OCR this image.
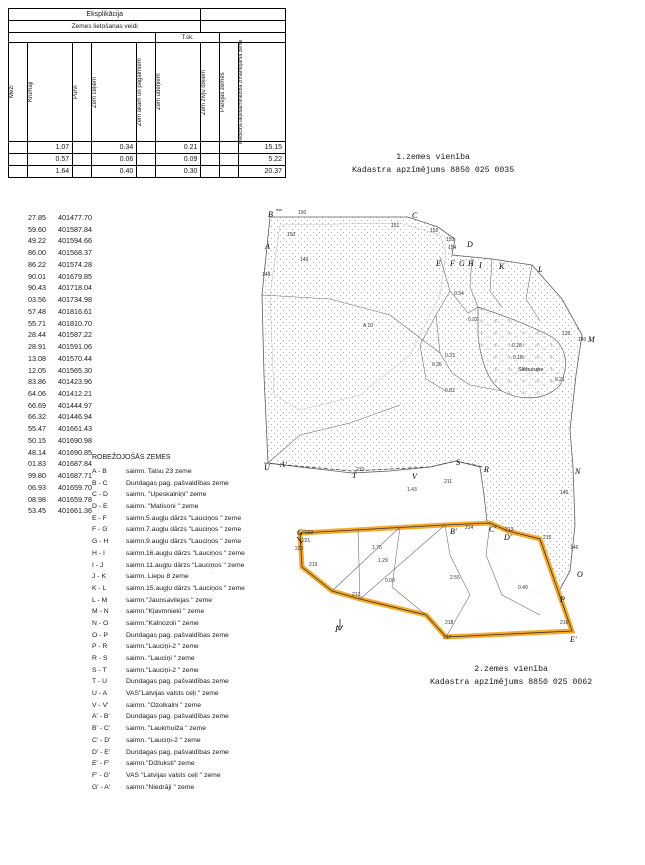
Eksplikācija								
Zemes lietošanas veidi								
					T.sk.			

Meži	Krūmāji	Purvi	Zem ceļiem	Zem ākām un pagalmiem	Zem ūdeņiem	Zem zivju dīķiem	Pārējās zemes	Mediciņā lauksaimniecībā izmantojamā zeme

	1.07		0.34		0.21			15.15
	0.57		0.06		0.09			5.22
	1.64		0.40		0.30			20.37
27.85 401477.70
59.60 401587.84
49.22 401594.66
86.00 401568.37
86.22 401574.28
90.01 401679.85
90.43 401718.04
03.56 401734.98
57.48 401816.61
55.71 401810.70
28.44 401587.22
28.91 401591.06
13.08 401570.44
12.05 401565.30
83.86 401423.96
64.06 401412.21
66.69 401444.97
66.32 401446.94
55.47 401661.43
50.15 401690.98
48.14 401690.85
01.83 401687.84
99.80 401687.71
06.93 401659.70
08.98 401659.78
53.45 401661.36
ROBEŽOJOŠĀS ZEMES
A - B	saimn. Talsu 23 zeme
B - C	Dundagas pag. pašvaldības zeme
C - D	saimn. "Upeskalniņi" zeme
D - E	saimn. "Matisoni " zeme
E - F	saimn.5.augļu dārzs "Lauciņos " zeme
F - G	saimn.7.augļu dārzs "Lauciņos " zeme
G - H	saimn.9.augļu dārzs "Lauciņos " zeme
H - I	saimn.16.augļu dārzs "Lauciņos " zeme
I - J	saimn.11.augļu dārzs "Lauciņos " zeme
J - K	saimn. Liepu 8 zeme
K - L	saimn.15.augļu dārzs "Lauciņos " zeme
L - M	saimn."Jaunsavilejas " zeme
M - N	saimn."Kļavmnieki " zeme
N - O	saimn."Kalnozoli " zeme
O - P	Dundagas pag. pašvaldības zeme
P - R	saimn."Lauciņi-2 " zeme
R - S	saimn. "Lauciņi " zeme
S - T	saimn."Lauciņi-2 " zeme
T - U	Dundagas pag. pašvaldības zeme
U - A	VAS"Latvijas valsts ceļi " zeme
V - V'	saimn. "Ozolkalni " zeme
A' - B' Dundagas pag. pašvaldības zeme
B' - C' saimn. "Laukmuiža " zeme
C' - D' saimn. "Lauciņi-2 " zeme
D' - E' Dundagas pag. pašvaldības zeme
E' - F' saimn."Dižluksti" zeme
F' - G' VAS "Latvijas valsts ceļi " zeme
G' - A' saimn."Niedrāji " zeme
1.zemes vienība
Kadastra apzīmējums 8850 025 0035
2.zemes vienība
Kadastra apzīmējums 8850 025 0062
A
B	C
D
E F G H I K	L
M
N
O
P
R
S
T
U
V
A'
B'	C'
D'
E'
F'
G'
A 10
0.34
0.32
0.33	0.18
0.21
0.35
0.82
0.28
2.55
1.43
1.29
0.09
1.75
0.40
Slēburupe
150
150
149
148
151
152
153
154
139
140
145
146
210
211
212
213
214
215
216
217
218
219
220
221
222
